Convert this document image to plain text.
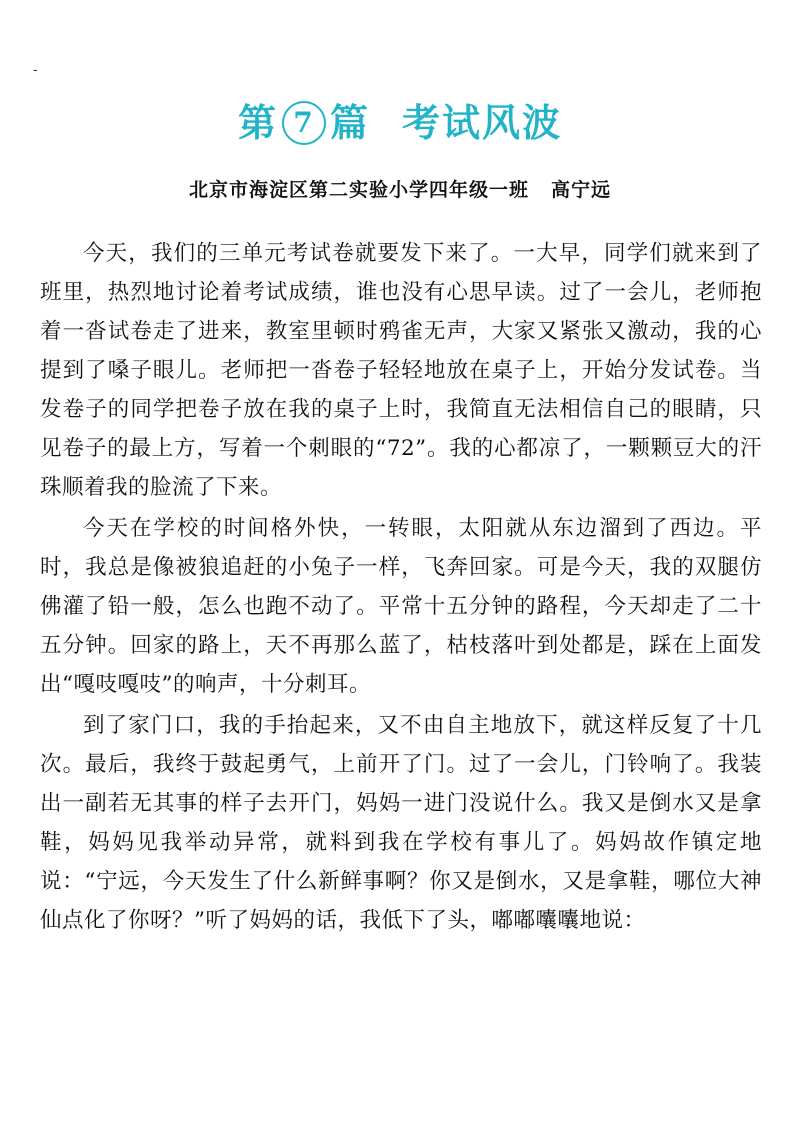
-
第 7 篇 考试风波
北京市海淀区第二实验小学四年级一班 高宁远

今天，我们的三单元考试卷就要发下来了。一大早，同学们就来到了班里，热烈地讨论着考试成绩，谁也没有心思早读。过了一会儿，老师抱着一沓试卷走了进来，教室里顿时鸦雀无声，大家又紧张又激动，我的心提到了嗓子眼儿。老师把一沓卷子轻轻地放在桌子上，开始分发试卷。当发卷子的同学把卷子放在我的桌子上时，我简直无法相信自己的眼睛，只见卷子的最上方，写着一个刺眼的“72”。我的心都凉了，一颗颗豆大的汗珠顺着我的脸流了下来。

今天在学校的时间格外快，一转眼，太阳就从东边溜到了西边。平时，我总是像被狼追赶的小兔子一样，飞奔回家。可是今天，我的双腿仿佛灌了铅一般，怎么也跑不动了。平常十五分钟的路程，今天却走了二十五分钟。回家的路上，天不再那么蓝了，枯枝落叶到处都是，踩在上面发出“嘎吱嘎吱”的响声，十分刺耳。

到了家门口，我的手抬起来，又不由自主地放下，就这样反复了十几次。最后，我终于鼓起勇气，上前开了门。过了一会儿，门铃响了。我装出一副若无其事的样子去开门，妈妈一进门没说什么。我又是倒水又是拿鞋，妈妈见我举动异常，就料到我在学校有事儿了。妈妈故作镇定地说：“宁远，今天发生了什么新鲜事啊？你又是倒水，又是拿鞋，哪位大神仙点化了你呀？”听了妈妈的话，我低下了头，嘟嘟囔囔地说：
